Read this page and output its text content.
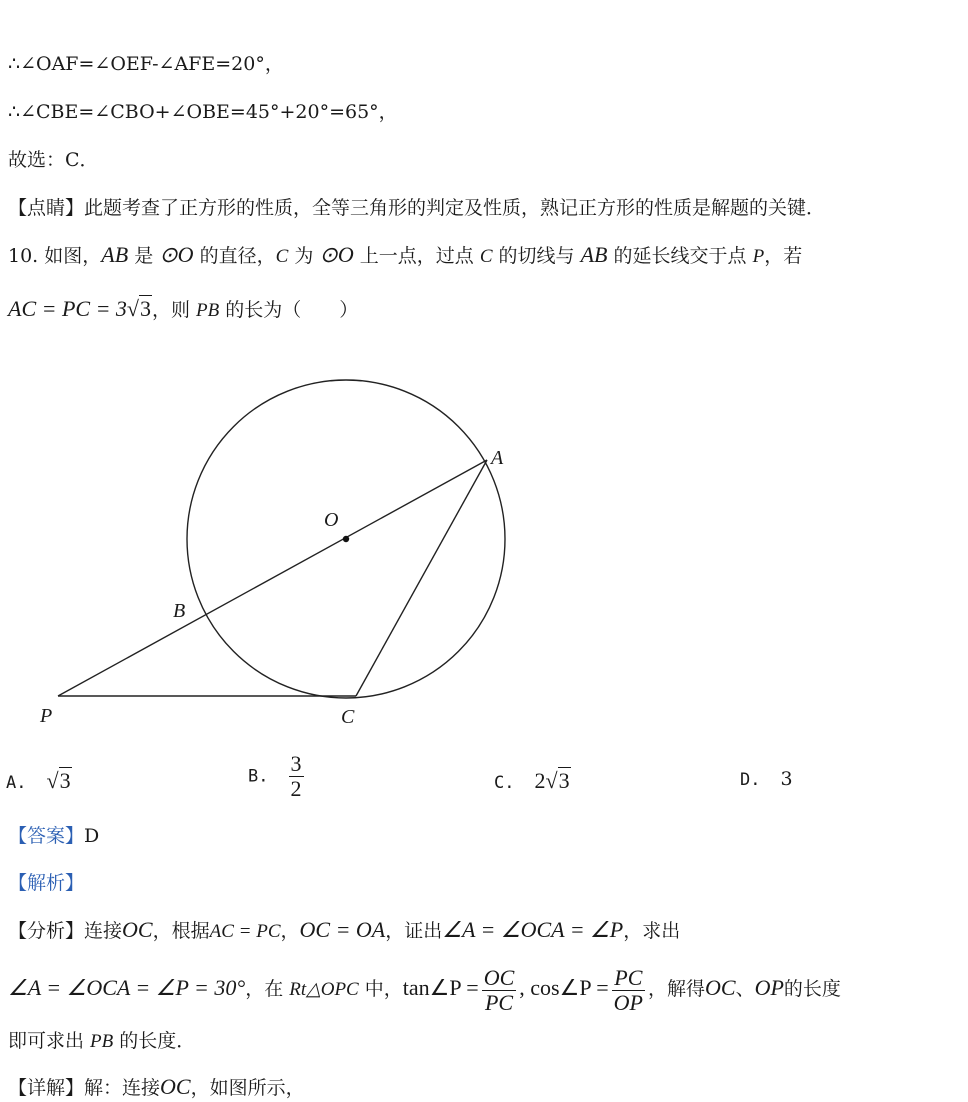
∴∠OAF=∠OEF-∠AFE=20°，
∴∠CBE=∠CBO+∠OBE=45°+20°=65°，
故选：C．
【点睛】此题考查了正方形的性质，全等三角形的判定及性质，熟记正方形的性质是解题的关键．
10. 如图，AB 是 ⊙O 的直径，C 为 ⊙O 上一点，过点 C 的切线与 AB 的延长线交于点 P，若
AC = PC = 3√3，则 PB 的长为（　　）
A
O
B
P	C
A. √3	B. $\frac{3}{2}$	C. 2√3	D. 3
【答案】D
【解析】
【分析】连接OC，根据AC = PC，OC = OA，证出∠A = ∠OCA = ∠P，求出
∠A = ∠OCA = ∠P = 30°，在 Rt△OPC 中，tan∠P = $\frac{OC}{PC}$ , cos∠P = $\frac{PC}{OP}$ ，解得OC、OP的长度
即可求出 PB 的长度．
【详解】解：连接OC，如图所示，
